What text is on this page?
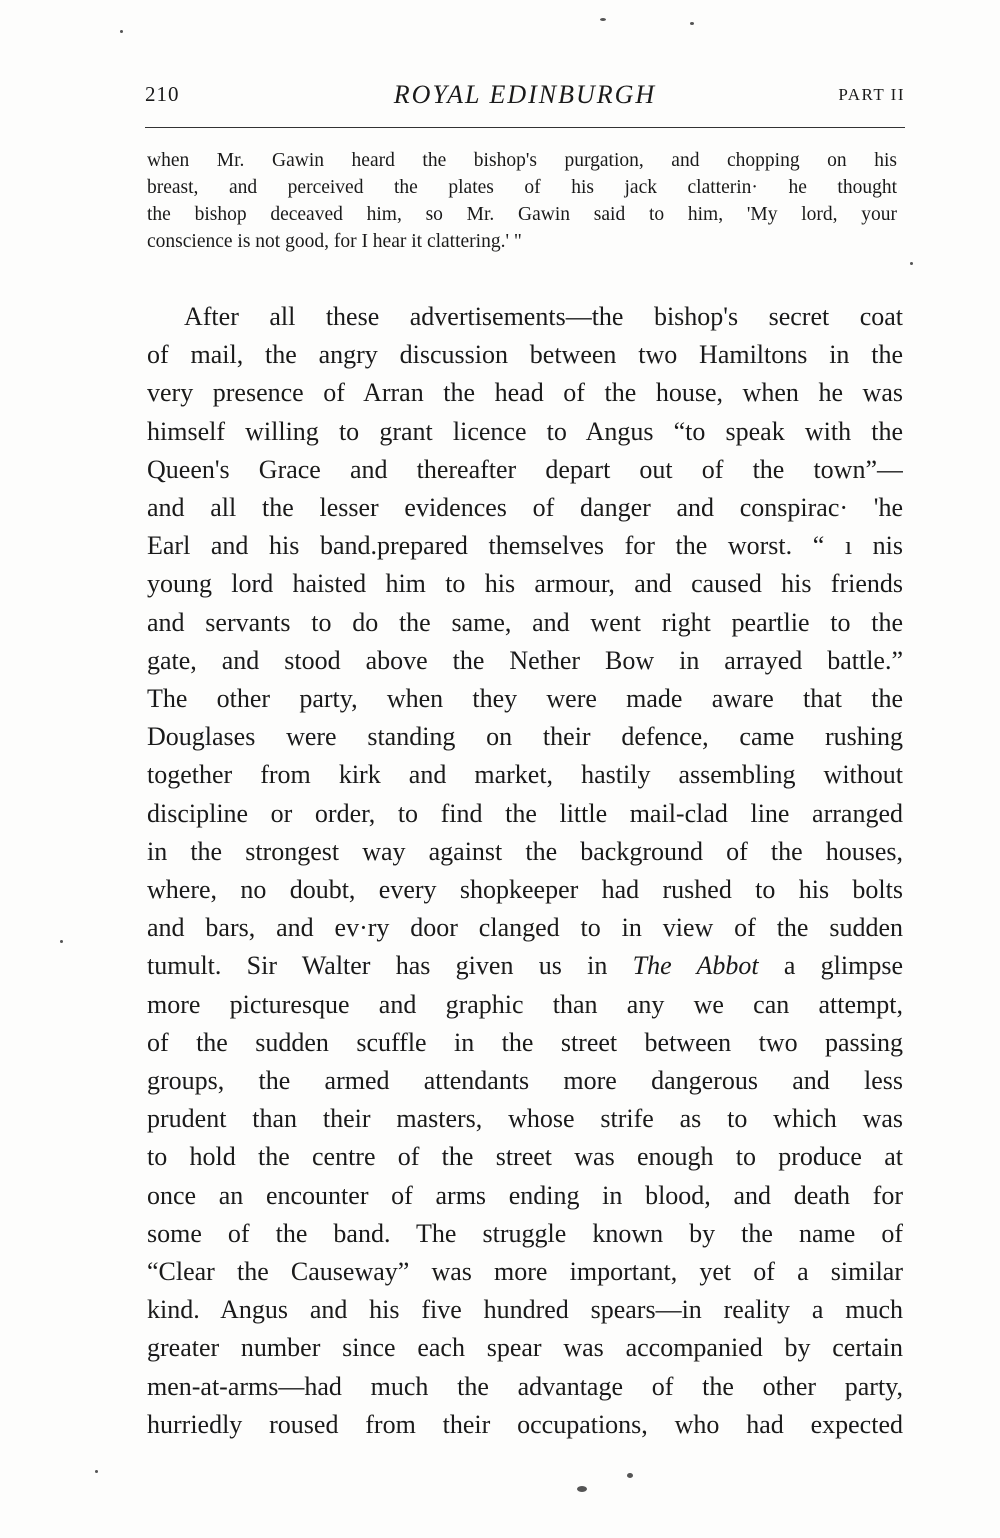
210	ROYAL EDINBURGH	PART II
when Mr. Gawin heard the bishop's purgation, and chopping on his
breast, and perceived the plates of his jack clatterin· he thought
the bishop deceaved him, so Mr. Gawin said to him, 'Μy lord, your
conscience is not good, for I hear it clattering.' "
After all these advertisements—the bishop's secret coat
of mail, the angry discussion between two Hamiltons in the
very presence of Arran the head of the house, when he was
himself willing to grant licence to Angus “to speak with the
Queen's Grace and thereafter depart out of the town”—
and all the lesser evidences of danger and conspirac· 'he
Earl and his band.prepared themselves for the worst. “ ı nis
young lord haisted him to his armour, and caused his friends
and servants to do the same, and went right peartlie to the
gate, and stood above the Nether Bow in arrayed battle.”
The other party, when they were made aware that the
Douglases were standing on their defence, came rushing
together from kirk and market, hastily assembling without
discipline or order, to find the little mail-clad line arranged
in the strongest way against the background of the houses,
where, no doubt, every shopkeeper had rushed to his bolts
and bars, and ev·ry door clanged to in view of the sudden
tumult. Sir Walter has given us in The Abbot a glimpse
more picturesque and graphic than any we can attempt,
of the sudden scuffle in the street between two passing
groups, the armed attendants more dangerous and less
prudent than their masters, whose strife as to which was
to hold the centre of the street was enough to produce at
once an encounter of arms ending in blood, and death for
some of the band. The struggle known by the name of
“Clear the Causeway” was more important, yet of a similar
kind. Angus and his five hundred spears—in reality a much
greater number since each spear was accompanied by certain
men-at-arms—had much the advantage of the other party,
hurriedly roused from their occupations, who had expected
